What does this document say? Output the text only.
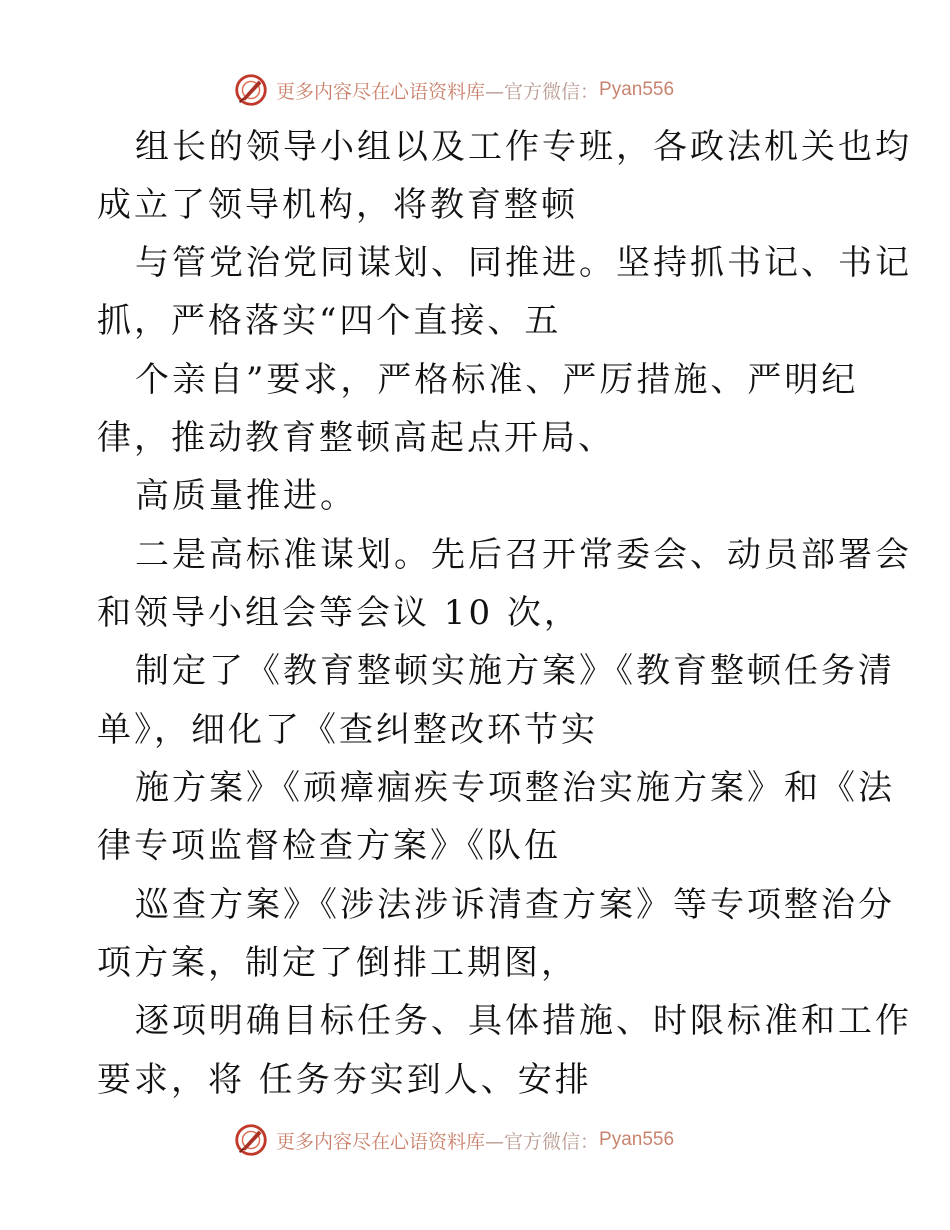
更多内容尽在心语资料库 —官方微信： Pyan556
组长的领导小组以及工作专班，各政法机关也均
成立了领导机构，将教育整顿
与管党治党同谋划、同推进。坚持抓书记、书记
抓，严格落实“四个直接、五
个亲自”要求，严格标准、严厉措施、严明纪
律，推动教育整顿高起点开局、
高质量推进。
二是高标准谋划。先后召开常委会、动员部署会
和领导小组会等会议 10 次，
制定了《教育整顿实施方案》《教育整顿任务清
单》，细化了《查纠整改环节实
施方案》《顽瘴痼疾专项整治实施方案》和《法
律专项监督检查方案》《队伍
巡查方案》《涉法涉诉清查方案》等专项整治分
项方案，制定了倒排工期图，
逐项明确目标任务、具体措施、时限标准和工作
要求，将 任务夯实到人、安排
更多内容尽在心语资料库 —官方微信： Pyan556
